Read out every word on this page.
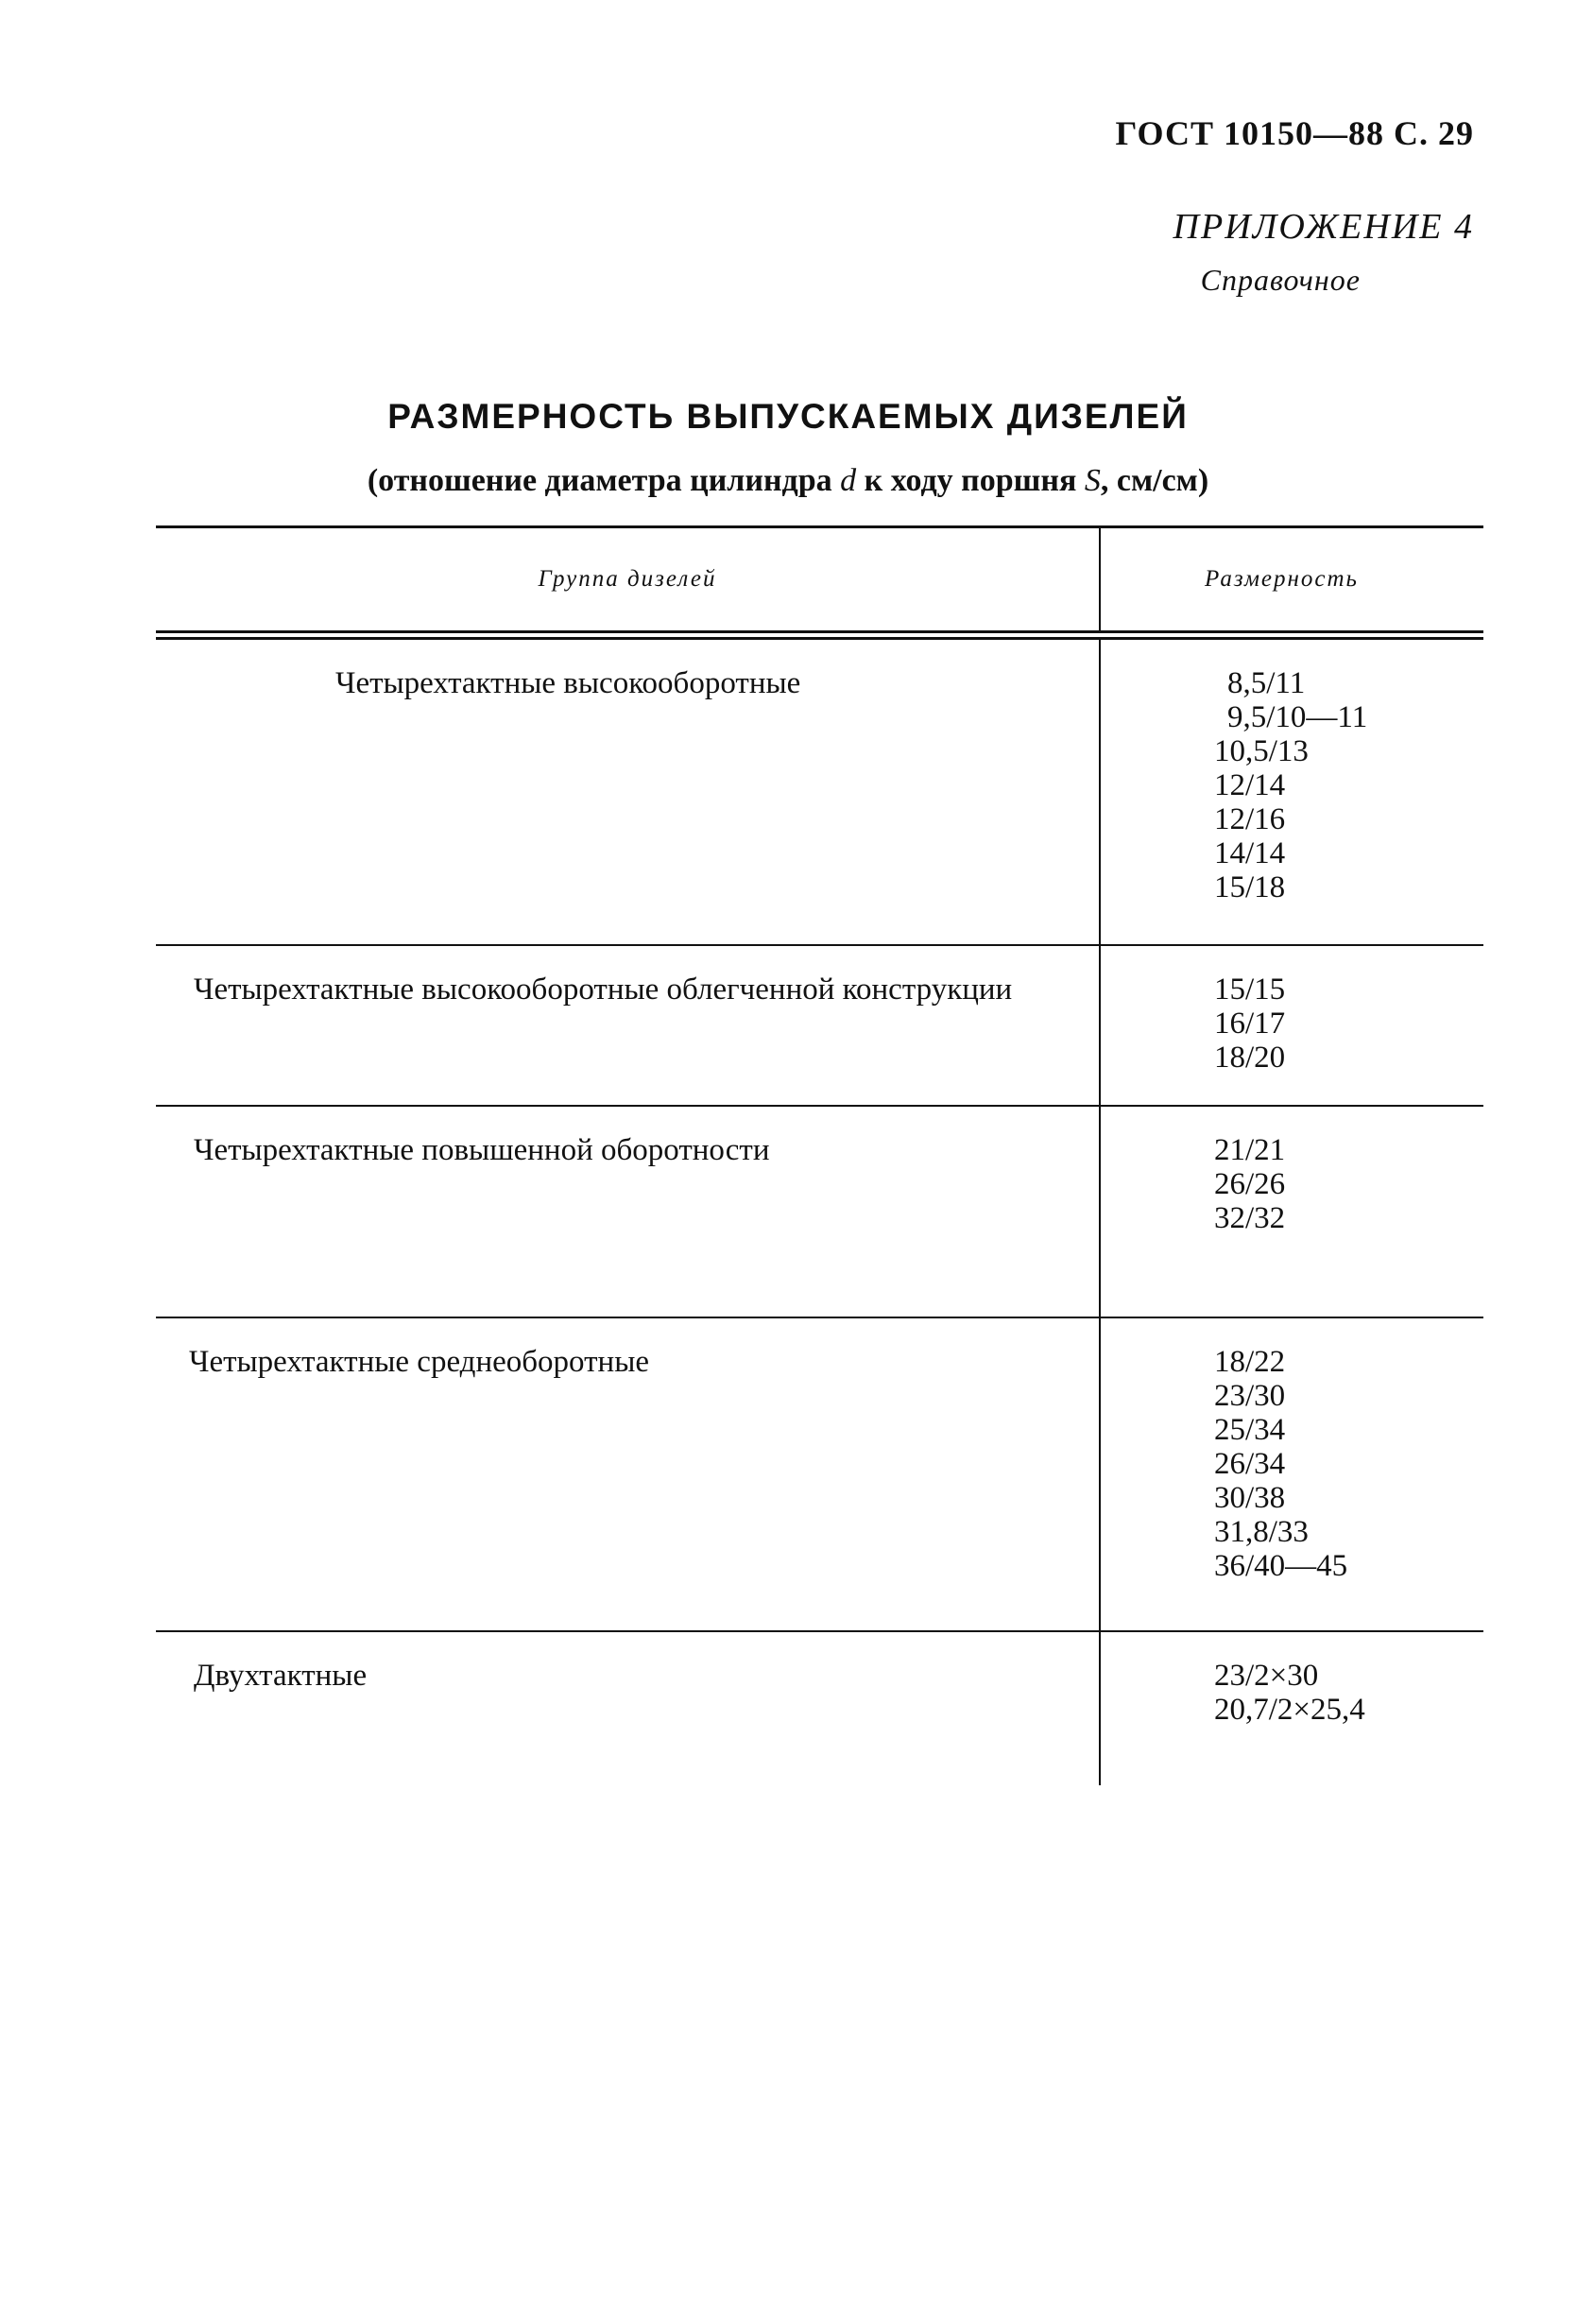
ГОСТ 10150—88 С. 29
ПРИЛОЖЕНИЕ 4
Справочное
РАЗМЕРНОСТЬ ВЫПУСКАЕМЫХ ДИЗЕЛЕЙ
(отношение диаметра цилиндра d к ходу поршня S, см/см)
Группа дизелей	Размерность
Четырехтактные высокооборотные	8,5/11
9,5/10—11
10,5/13
12/14
12/16
14/14
15/18
Четырехтактные высокооборотные облегченной конструкции	15/15
16/17
18/20
Четырехтактные повышенной оборотности	21/21
26/26
32/32
Четырехтактные среднеоборотные	18/22
23/30
25/34
26/34
30/38
31,8/33
36/40—45
Двухтактные	23/2×30
20,7/2×25,4
